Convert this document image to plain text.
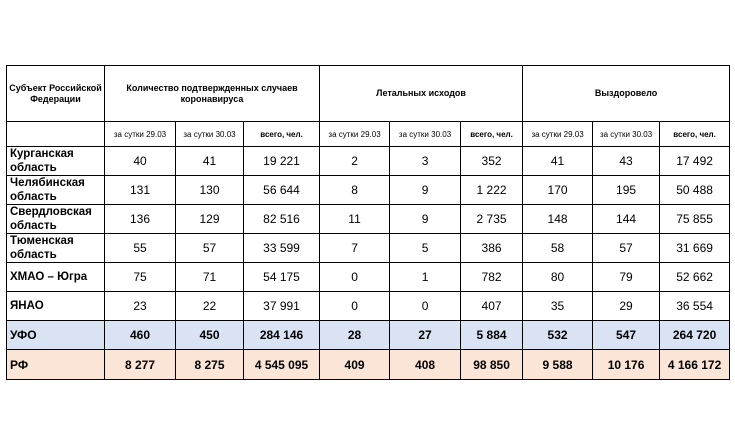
Субъект Российской Федерации	Количество подтвержденных случаев коронавируса			Летальных исходов			Выздоровело		
	за сутки 29.03	за сутки 30.03	всего, чел.	за сутки 29.03	за сутки 30.03	всего, чел.	за сутки 29.03	за сутки 30.03	всего, чел.
Курганская область	40	41	19 221	2	3	352	41	43	17 492
Челябинская область	131	130	56 644	8	9	1 222	170	195	50 488
Свердловская область	136	129	82 516	11	9	2 735	148	144	75 855
Тюменская область	55	57	33 599	7	5	386	58	57	31 669
ХМАО – Югра	75	71	54 175	0	1	782	80	79	52 662
ЯНАО	23	22	37 991	0	0	407	35	29	36 554
УФО	460	450	284 146	28	27	5 884	532	547	264 720
РФ	8 277	8 275	4 545 095	409	408	98 850	9 588	10 176	4 166 172
